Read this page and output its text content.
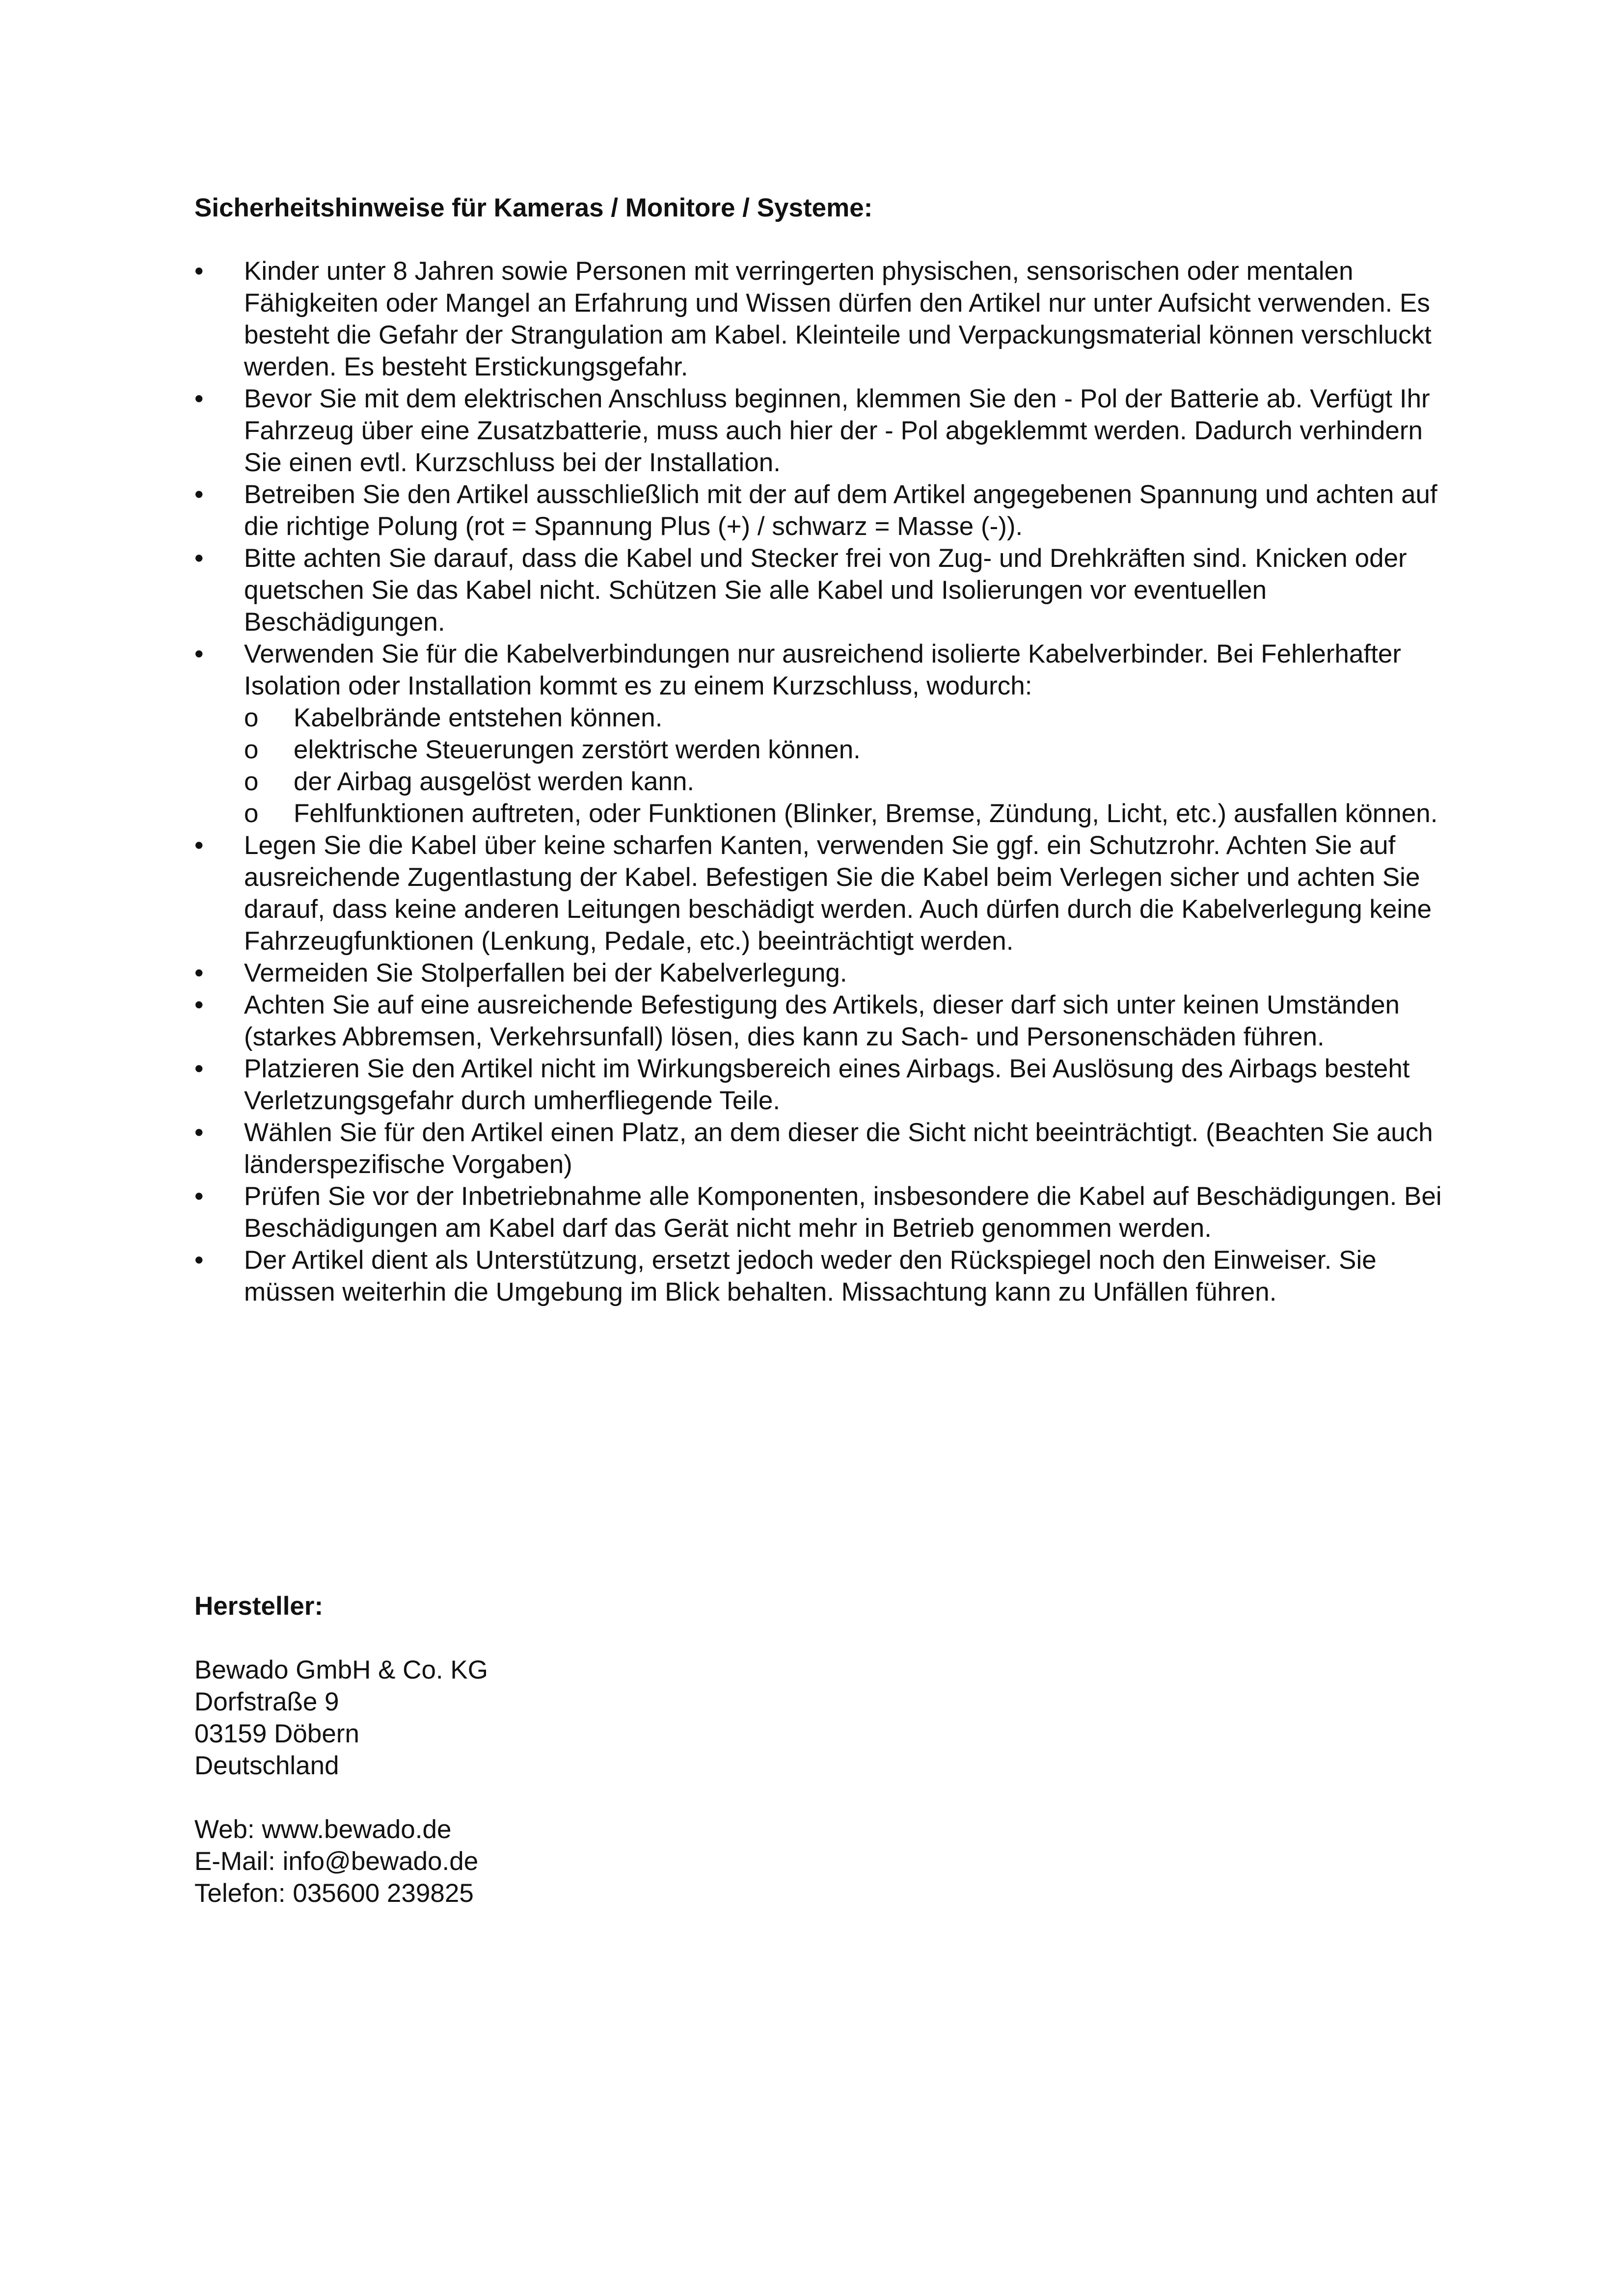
Sicherheitshinweise für Kameras / Monitore / Systeme:
• Kinder unter 8 Jahren sowie Personen mit verringerten physischen, sensorischen oder mentalen Fähigkeiten oder Mangel an Erfahrung und Wissen dürfen den Artikel nur unter Aufsicht verwenden. Es besteht die Gefahr der Strangulation am Kabel. Kleinteile und Verpackungsmaterial können verschluckt werden. Es besteht Erstickungsgefahr.
• Bevor Sie mit dem elektrischen Anschluss beginnen, klemmen Sie den - Pol der Batterie ab. Verfügt Ihr Fahrzeug über eine Zusatzbatterie, muss auch hier der - Pol abgeklemmt werden. Dadurch verhindern Sie einen evtl. Kurzschluss bei der Installation.
• Betreiben Sie den Artikel ausschließlich mit der auf dem Artikel angegebenen Spannung und achten auf die richtige Polung (rot = Spannung Plus (+) / schwarz = Masse (-)).
• Bitte achten Sie darauf, dass die Kabel und Stecker frei von Zug- und Drehkräften sind. Knicken oder quetschen Sie das Kabel nicht. Schützen Sie alle Kabel und Isolierungen vor eventuellen Beschädigungen.
• Verwenden Sie für die Kabelverbindungen nur ausreichend isolierte Kabelverbinder. Bei Fehlerhafter Isolation oder Installation kommt es zu einem Kurzschluss, wodurch:
o Kabelbrände entstehen können.
o elektrische Steuerungen zerstört werden können.
o der Airbag ausgelöst werden kann.
o Fehlfunktionen auftreten, oder Funktionen (Blinker, Bremse, Zündung, Licht, etc.) ausfallen können.
• Legen Sie die Kabel über keine scharfen Kanten, verwenden Sie ggf. ein Schutzrohr. Achten Sie auf ausreichende Zugentlastung der Kabel. Befestigen Sie die Kabel beim Verlegen sicher und achten Sie darauf, dass keine anderen Leitungen beschädigt werden. Auch dürfen durch die Kabelverlegung keine Fahrzeugfunktionen (Lenkung, Pedale, etc.) beeinträchtigt werden.
• Vermeiden Sie Stolperfallen bei der Kabelverlegung.
• Achten Sie auf eine ausreichende Befestigung des Artikels, dieser darf sich unter keinen Umständen (starkes Abbremsen, Verkehrsunfall) lösen, dies kann zu Sach- und Personenschäden führen.
• Platzieren Sie den Artikel nicht im Wirkungsbereich eines Airbags. Bei Auslösung des Airbags besteht Verletzungsgefahr durch umherfliegende Teile.
• Wählen Sie für den Artikel einen Platz, an dem dieser die Sicht nicht beeinträchtigt. (Beachten Sie auch länderspezifische Vorgaben)
• Prüfen Sie vor der Inbetriebnahme alle Komponenten, insbesondere die Kabel auf Beschädigungen. Bei Beschädigungen am Kabel darf das Gerät nicht mehr in Betrieb genommen werden.
• Der Artikel dient als Unterstützung, ersetzt jedoch weder den Rückspiegel noch den Einweiser. Sie müssen weiterhin die Umgebung im Blick behalten. Missachtung kann zu Unfällen führen.
Hersteller:
Bewado GmbH & Co. KG
Dorfstraße 9
03159 Döbern
Deutschland
Web: www.bewado.de
E-Mail: info@bewado.de
Telefon: 035600 239825
